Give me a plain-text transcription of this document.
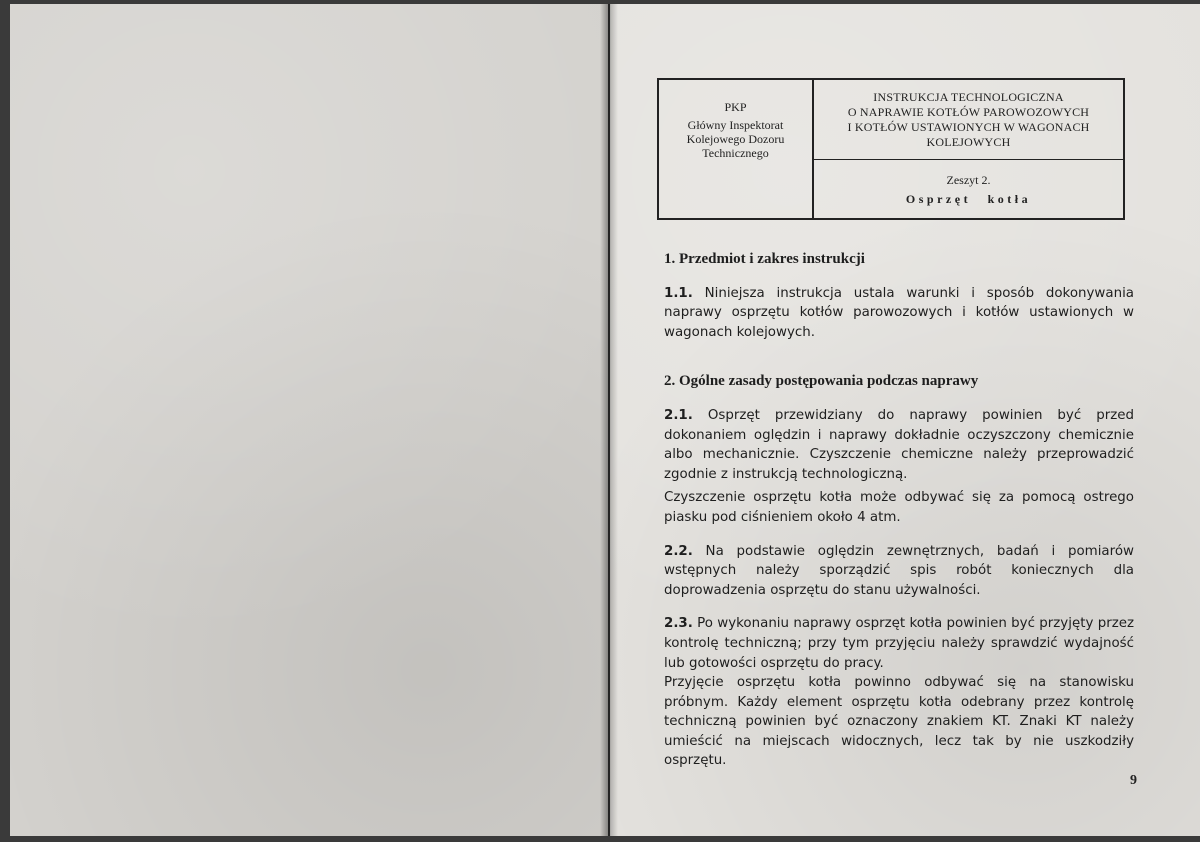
PKP
Główny Inspektorat
Kolejowego Dozoru
Technicznego
INSTRUKCJA TECHNOLOGICZNA
O NAPRAWIE KOTŁÓW PAROWOZOWYCH
I KOTŁÓW USTAWIONYCH W WAGONACH
KOLEJOWYCH
Zeszyt 2.
Osprzęt kotła
1. Przedmiot i zakres instrukcji

1.1. Niniejsza instrukcja ustala warunki i sposób dokonywania naprawy osprzętu kotłów parowozowych i kotłów ustawionych w wagonach kolejowych.

2. Ogólne zasady postępowania podczas naprawy

2.1. Osprzęt przewidziany do naprawy powinien być przed dokonaniem oględzin i naprawy dokładnie oczyszczony chemicznie albo mechanicznie. Czyszczenie chemiczne należy przeprowadzić zgodnie z instrukcją technologiczną.

Czyszczenie osprzętu kotła może odbywać się za pomocą ostrego piasku pod ciśnieniem około 4 atm.

2.2. Na podstawie oględzin zewnętrznych, badań i pomiarów wstępnych należy sporządzić spis robót koniecznych dla doprowadzenia osprzętu do stanu używalności.

2.3. Po wykonaniu naprawy osprzęt kotła powinien być przyjęty przez kontrolę techniczną; przy tym przyjęciu należy sprawdzić wydajność lub gotowości osprzętu do pracy.

Przyjęcie osprzętu kotła powinno odbywać się na stanowisku próbnym. Każdy element osprzętu kotła odebrany przez kontrolę techniczną powinien być oznaczony znakiem KT. Znaki KT należy umieścić na miejscach widocznych, lecz tak by nie uszkodziły osprzętu.

9
